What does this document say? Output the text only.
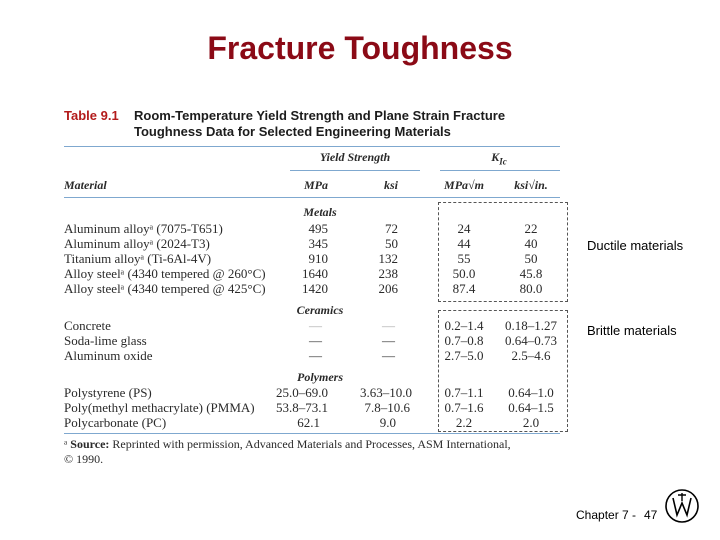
Fracture Toughness
Table 9.1 Room-Temperature Yield Strength and Plane Strain Fracture
Toughness Data for Selected Engineering Materials
Yield Strength	$K_{Ic}$
Material	MPa	ksi	MPa√m	ksi√in.
Metals
Aluminum alloyᵃ (7075-T651)	495	72	24	22
Aluminum alloyᵃ (2024-T3)	345	50	44	40
Titanium alloyᵃ (Ti-6Al-4V)	910	132	55	50
Alloy steelᵃ (4340 tempered @ 260°C)	1640	238	50.0	45.8
Alloy steelᵃ (4340 tempered @ 425°C)	1420	206	87.4	80.0
Ceramics
Concrete	—	—	0.2–1.4	0.18–1.27
Soda-lime glass	—	—	0.7–0.8	0.64–0.73
Aluminum oxide	—	—	2.7–5.0	2.5–4.6
Polymers
Polystyrene (PS)	25.0–69.0	3.63–10.0	0.7–1.1	0.64–1.0
Poly(methyl methacrylate) (PMMA)	53.8–73.1	7.8–10.6	0.7–1.6	0.64–1.5
Polycarbonate (PC)	62.1	9.0	2.2	2.0
ᵃ Source: Reprinted with permission, Advanced Materials and Processes, ASM International,
© 1990.
Ductile materials
Brittle materials
Chapter 7 - 47
